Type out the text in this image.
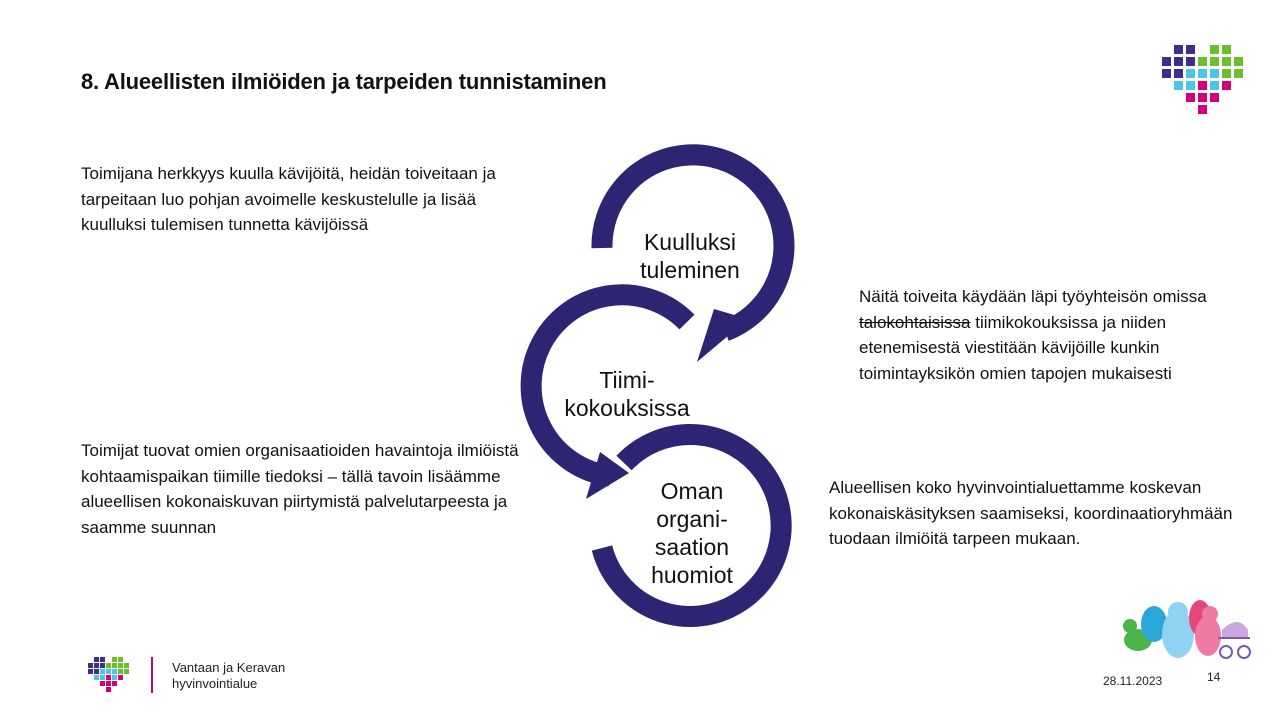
8. Alueellisten ilmiöiden ja tarpeiden tunnistaminen
Toimijana herkkyys kuulla kävijöitä, heidän toiveitaan ja tarpeitaan luo pohjan avoimelle keskustelulle ja lisää kuulluksi tulemisen tunnetta kävijöissä
Toimijat tuovat omien organisaatioiden havaintoja ilmiöistä kohtaamispaikan tiimille tiedoksi – tällä tavoin lisäämme alueellisen kokonaiskuvan piirtymistä palvelutarpeesta ja saamme suunnan
Näitä toiveita käydään läpi työyhteisön omissa talokohtaisissa tiimikokouksissa ja niiden etenemisestä viestitään kävijöille kunkin toimintayksikön omien tapojen mukaisesti
Alueellisen koko hyvinvointialuettamme koskevan kokonaiskäsityksen saamiseksi, koordinaatioryhmään tuodaan ilmiöitä tarpeen mukaan.
Kuulluksi
tuleminen
Tiimi-
kokouksissa
Oman
organi-
saation
huomiot
Vantaan ja Keravan
hyvinvointialue	28.11.2023	14
